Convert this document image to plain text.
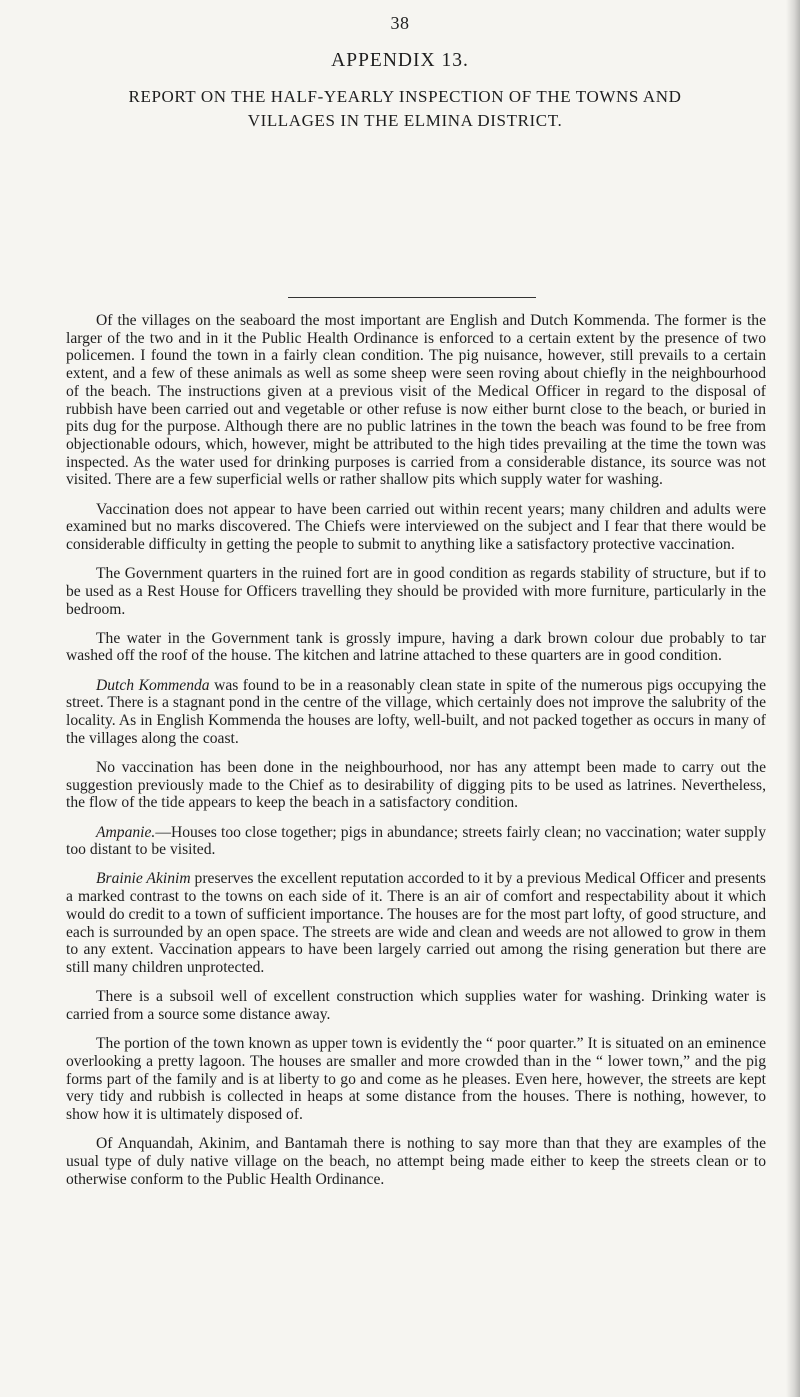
38
APPENDIX 13.
REPORT ON THE HALF-YEARLY INSPECTION OF THE TOWNS AND VILLAGES IN THE ELMINA DISTRICT.

Of the villages on the seaboard the most important are English and Dutch Kommenda. The former is the larger of the two and in it the Public Health Ordinance is enforced to a certain extent by the presence of two policemen. I found the town in a fairly clean condition. The pig nuisance, however, still prevails to a certain extent, and a few of these animals as well as some sheep were seen roving about chiefly in the neighbourhood of the beach. The instructions given at a previous visit of the Medical Officer in regard to the disposal of rubbish have been carried out and vegetable or other refuse is now either burnt close to the beach, or buried in pits dug for the purpose. Although there are no public latrines in the town the beach was found to be free from objectionable odours, which, however, might be attributed to the high tides prevailing at the time the town was inspected. As the water used for drinking purposes is carried from a considerable distance, its source was not visited. There are a few superficial wells or rather shallow pits which supply water for washing.

Vaccination does not appear to have been carried out within recent years; many children and adults were examined but no marks discovered. The Chiefs were interviewed on the subject and I fear that there would be considerable difficulty in getting the people to submit to anything like a satisfactory protective vaccination.

The Government quarters in the ruined fort are in good condition as regards stability of structure, but if to be used as a Rest House for Officers travelling they should be provided with more furniture, particularly in the bedroom.

The water in the Government tank is grossly impure, having a dark brown colour due probably to tar washed off the roof of the house. The kitchen and latrine attached to these quarters are in good condition.

Dutch Kommenda was found to be in a reasonably clean state in spite of the numerous pigs occupying the street. There is a stagnant pond in the centre of the village, which certainly does not improve the salubrity of the locality. As in English Kommenda the houses are lofty, well-built, and not packed together as occurs in many of the villages along the coast.

No vaccination has been done in the neighbourhood, nor has any attempt been made to carry out the suggestion previously made to the Chief as to desirability of digging pits to be used as latrines. Nevertheless, the flow of the tide appears to keep the beach in a satisfactory condition.

Ampanie.—Houses too close together; pigs in abundance; streets fairly clean; no vaccination; water supply too distant to be visited.

Brainie Akinim preserves the excellent reputation accorded to it by a previous Medical Officer and presents a marked contrast to the towns on each side of it. There is an air of comfort and respectability about it which would do credit to a town of sufficient importance. The houses are for the most part lofty, of good structure, and each is surrounded by an open space. The streets are wide and clean and weeds are not allowed to grow in them to any extent. Vaccination appears to have been largely carried out among the rising generation but there are still many children unprotected.

There is a subsoil well of excellent construction which supplies water for washing. Drinking water is carried from a source some distance away.

The portion of the town known as upper town is evidently the “ poor quarter.” It is situated on an eminence overlooking a pretty lagoon. The houses are smaller and more crowded than in the “ lower town,” and the pig forms part of the family and is at liberty to go and come as he pleases. Even here, however, the streets are kept very tidy and rubbish is collected in heaps at some distance from the houses. There is nothing, however, to show how it is ultimately disposed of.

Of Anquandah, Akinim, and Bantamah there is nothing to say more than that they are examples of the usual type of duly native village on the beach, no attempt being made either to keep the streets clean or to otherwise conform to the Public Health Ordinance.
